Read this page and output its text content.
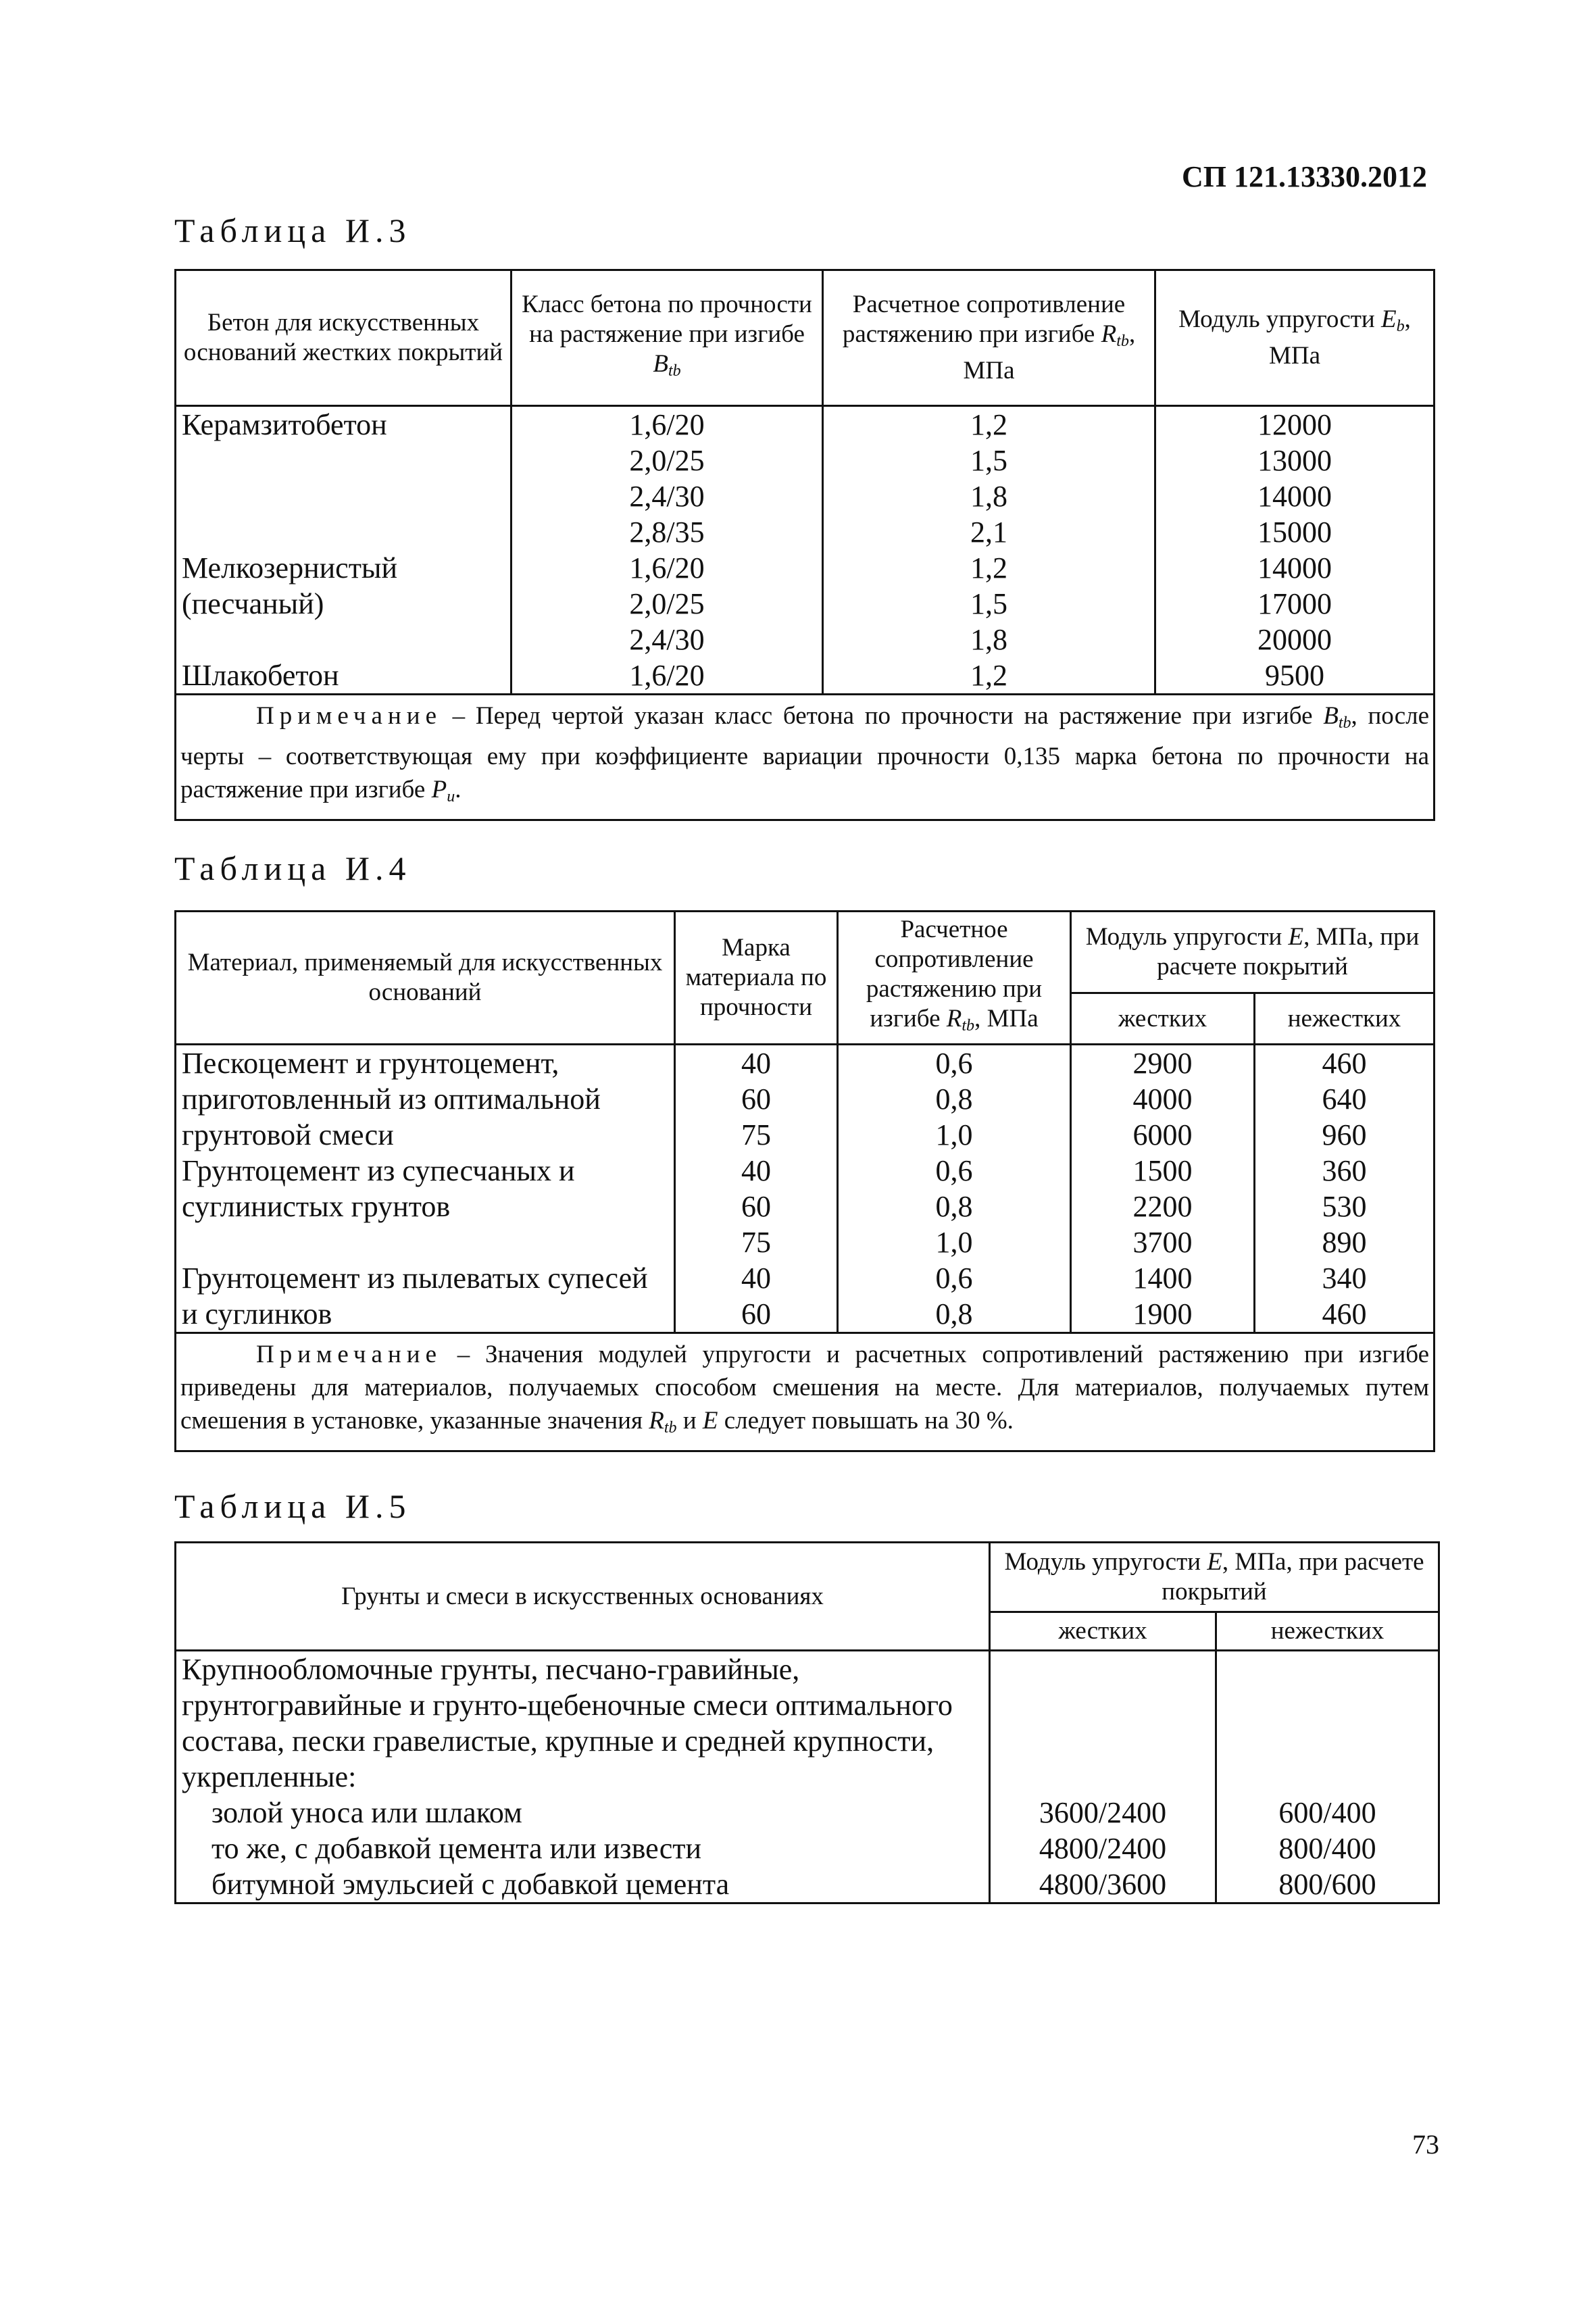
СП 121.13330.2012
Таблица И.3
Бетон для искусственных оснований жестких покрытий	Класс бетона по прочности на растяжение при изгибе $B_{tb}$	Расчетное сопротивление растяжению при изгибе $R_{tb}$, МПа	Модуль упругости $E_b$, МПа
Керамзитобетон	1,6/20	1,2	12000
	2,0/25	1,5	13000
	2,4/30	1,8	14000
	2,8/35	2,1	15000
Мелкозернистый	1,6/20	1,2	14000
(песчаный)	2,0/25	1,5	17000
	2,4/30	1,8	20000
Шлакобетон	1,6/20	1,2	9500
Примечание – Перед чертой указан класс бетона по прочности на растяжение при изгибе $B_{tb}$, после черты – соответствующая ему при коэффициенте вариации прочности 0,135 марка бетона по прочности на растяжение при изгибе $P_u$.			
Таблица И.4
Материал, применяемый для искусственных оснований	Марка материала по прочности	Расчетное сопротивление растяжению при изгибе $R_{tb}$, МПа	Модуль упругости E, МПа, при расчете покрытий	
			жестких	нежестких
Пескоцемент и грунтоцемент,	40	0,6	2900	460
приготовленный из оптимальной	60	0,8	4000	640
грунтовой смеси	75	1,0	6000	960
Грунтоцемент из супесчаных и	40	0,6	1500	360
суглинистых грунтов	60	0,8	2200	530
	75	1,0	3700	890
Грунтоцемент из пылеватых супесей	40	0,6	1400	340
и суглинков	60	0,8	1900	460
Примечание – Значения модулей упругости и расчетных сопротивлений растяжению при изгибе приведены для материалов, получаемых способом смешения на месте. Для материалов, получаемых путем смешения в установке, указанные значения $R_{tb}$ и E следует повышать на 30 %.				
Таблица И.5
Грунты и смеси в искусственных основаниях	Модуль упругости E, МПа, при расчете покрытий	
	жестких	нежестких
Крупнообломочные грунты, песчано-гравийные,		
грунтогравийные и грунто-щебеночные смеси оптимального		
состава, пески гравелистые, крупные и средней крупности,		
укрепленные:		
золой уноса или шлаком	3600/2400	600/400
то же, с добавкой цемента или извести	4800/2400	800/400
битумной эмульсией с добавкой цемента	4800/3600	800/600
73
